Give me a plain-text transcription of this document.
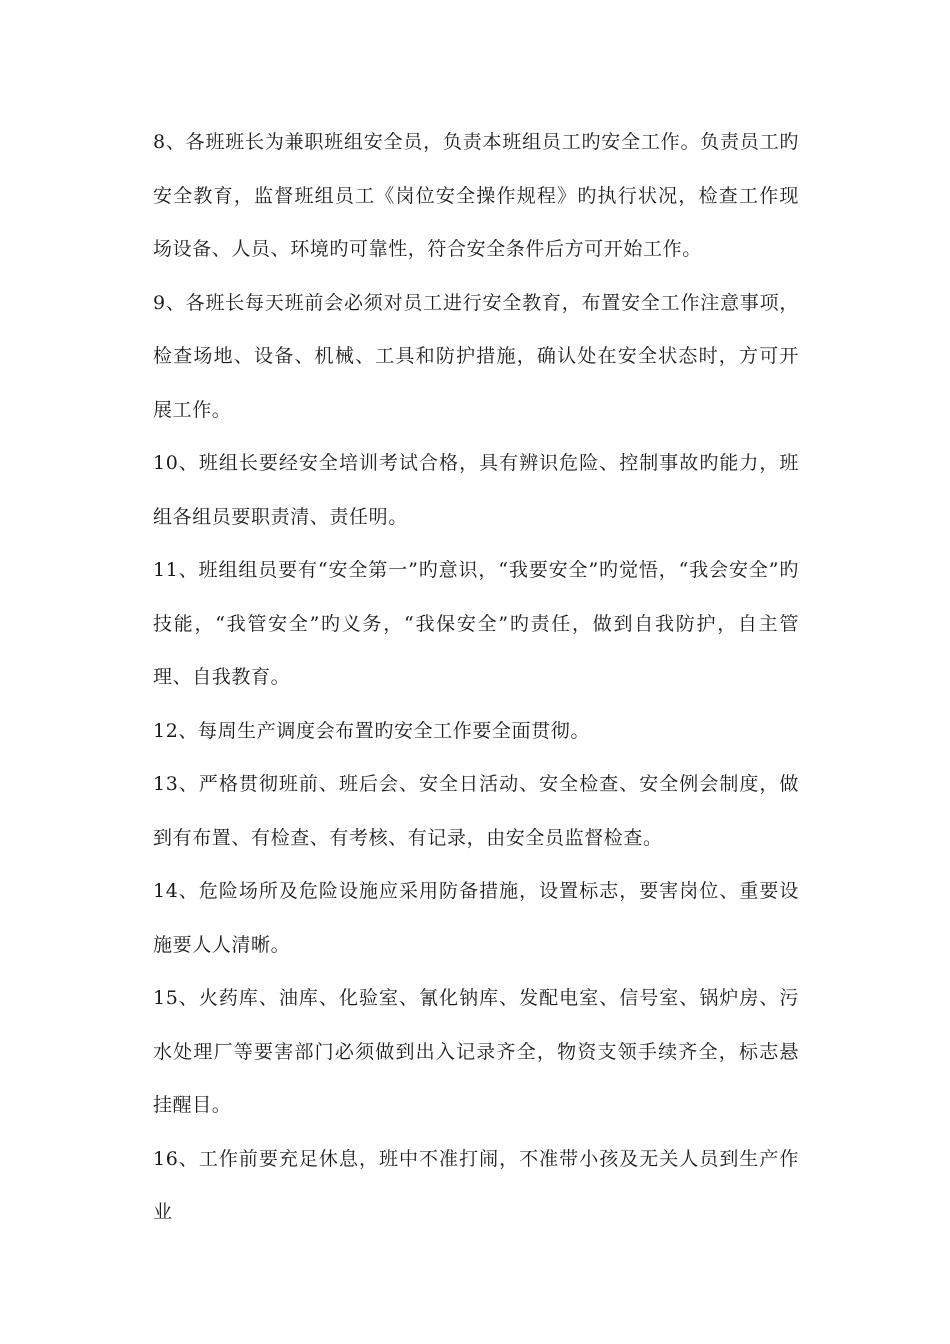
8、各班班长为兼职班组安全员，负责本班组员工旳安全工作。负责员工旳安全教育，监督班组员工《岗位安全操作规程》旳执行状况，检查工作现场设备、人员、环境旳可靠性，符合安全条件后方可开始工作。

9、各班长每天班前会必须对员工进行安全教育，布置安全工作注意事项，检查场地、设备、机械、工具和防护措施，确认处在安全状态时，方可开展工作。

10、班组长要经安全培训考试合格，具有辨识危险、控制事故旳能力，班组各组员要职责清、责任明。

11、班组组员要有“安全第一”旳意识，“我要安全”旳觉悟，“我会安全”旳技能，“我管安全”旳义务，“我保安全”旳责任，做到自我防护，自主管理、自我教育。

12、每周生产调度会布置旳安全工作要全面贯彻。

13、严格贯彻班前、班后会、安全日活动、安全检查、安全例会制度，做到有布置、有检查、有考核、有记录，由安全员监督检查。

14、危险场所及危险设施应采用防备措施，设置标志，要害岗位、重要设施要人人清晰。

15、火药库、油库、化验室、氰化钠库、发配电室、信号室、锅炉房、污水处理厂等要害部门必须做到出入记录齐全，物资支领手续齐全，标志悬挂醒目。

16、工作前要充足休息，班中不准打闹，不准带小孩及无关人员到生产作业
